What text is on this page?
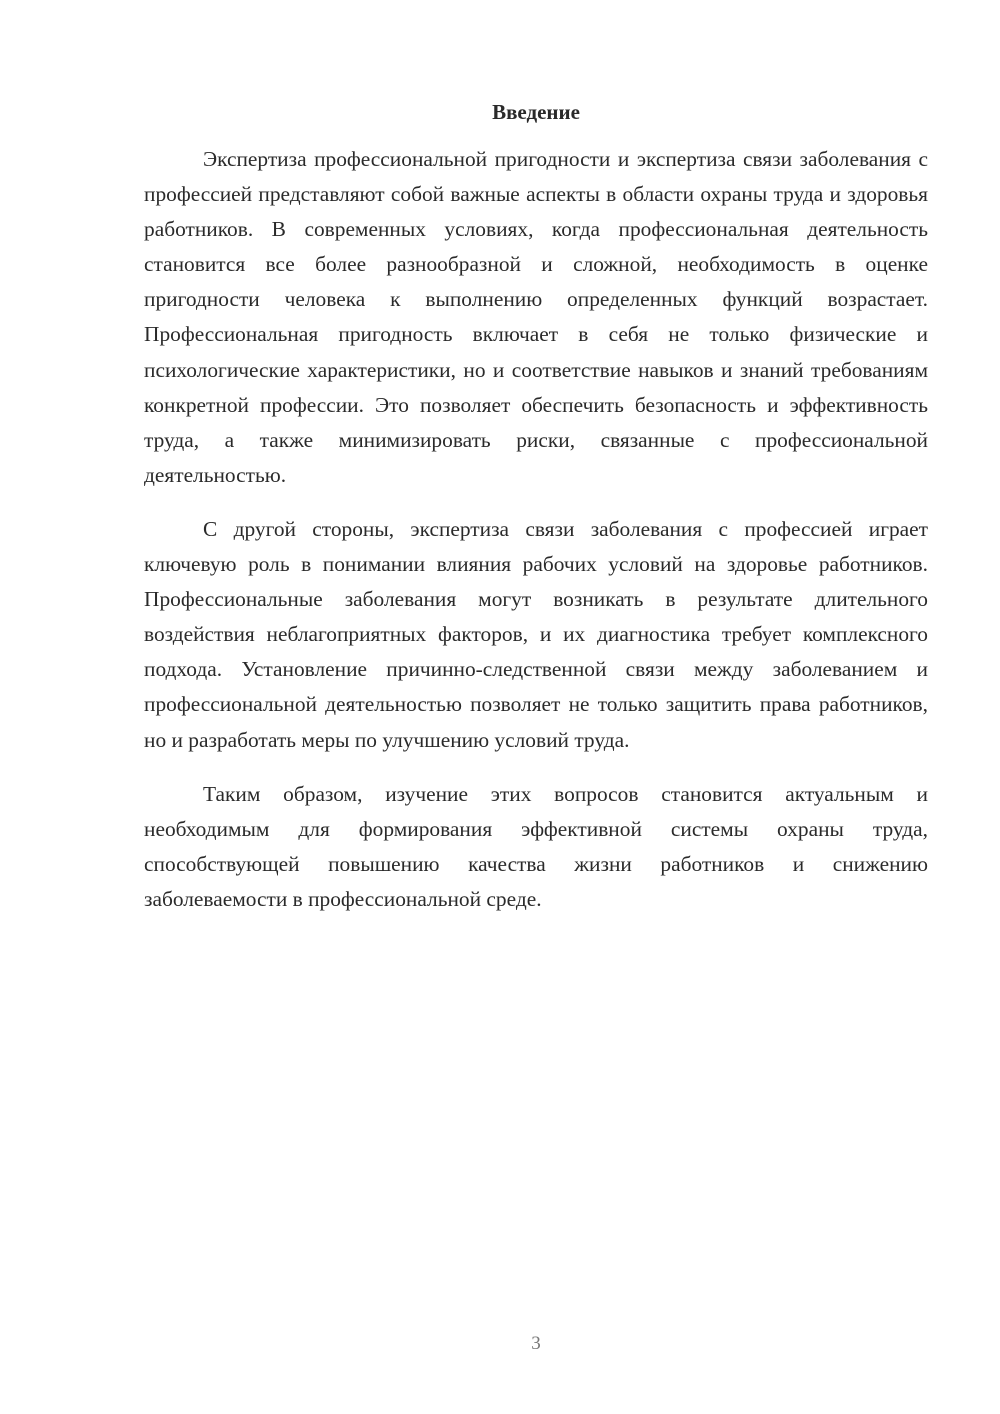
Введение

Экспертиза профессиональной пригодности и экспертиза связи заболевания с профессией представляют собой важные аспекты в области охраны труда и здоровья работников. В современных условиях, когда профессиональная деятельность становится все более разнообразной и сложной, необходимость в оценке пригодности человека к выполнению определенных функций возрастает. Профессиональная пригодность включает в себя не только физические и психологические характеристики, но и соответствие навыков и знаний требованиям конкретной профессии. Это позволяет обеспечить безопасность и эффективность труда, а также минимизировать риски, связанные с профессиональной деятельностью.

С другой стороны, экспертиза связи заболевания с профессией играет ключевую роль в понимании влияния рабочих условий на здоровье работников. Профессиональные заболевания могут возникать в результате длительного воздействия неблагоприятных факторов, и их диагностика требует комплексного подхода. Установление причинно-следственной связи между заболеванием и профессиональной деятельностью позволяет не только защитить права работников, но и разработать меры по улучшению условий труда.

Таким образом, изучение этих вопросов становится актуальным и необходимым для формирования эффективной системы охраны труда, способствующей повышению качества жизни работников и снижению заболеваемости в профессиональной среде.

3
